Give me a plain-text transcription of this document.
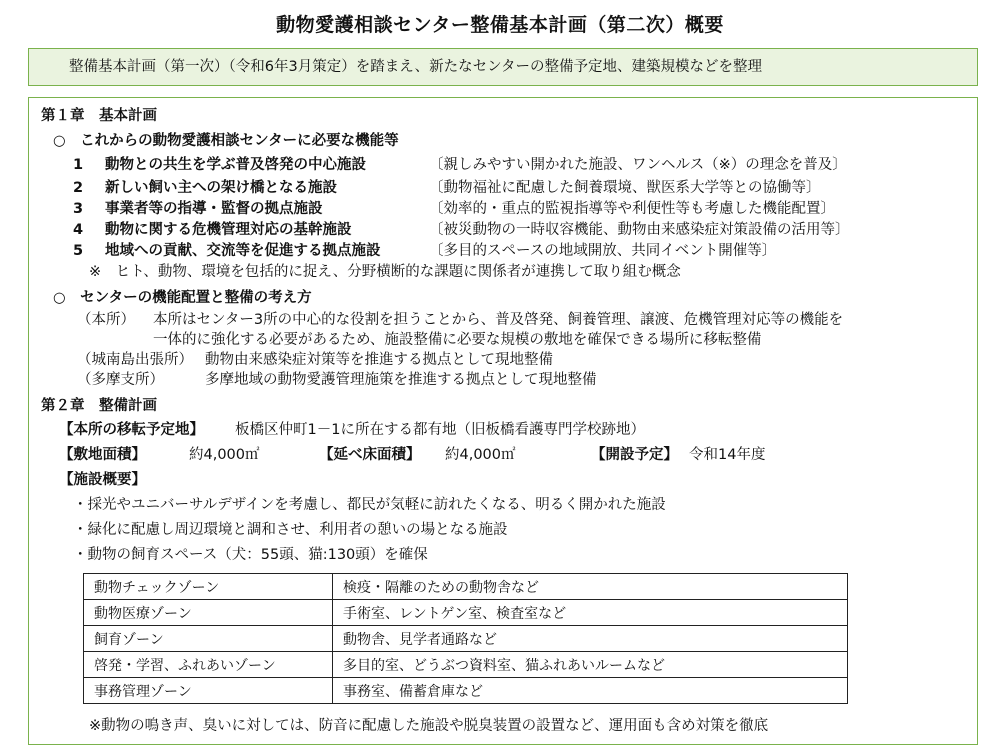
動物愛護相談センター整備基本計画（第二次）概要
整備基本計画（第一次）（令和6年3月策定）を踏まえ、新たなセンターの整備予定地、建築規模などを整理
第１章　基本計画
○　これからの動物愛護相談センターに必要な機能等
1 動物との共生を学ぶ普及啓発の中心施設	〔親しみやすい開かれた施設、ワンヘルス（※）の理念を普及〕
2 新しい飼い主への架け橋となる施設	〔動物福祉に配慮した飼養環境、獣医系大学等との協働等〕
3 事業者等の指導・監督の拠点施設	〔効率的・重点的監視指導等や利便性等も考慮した機能配置〕
4 動物に関する危機管理対応の基幹施設	〔被災動物の一時収容機能、動物由来感染症対策設備の活用等〕
5 地域への貢献、交流等を促進する拠点施設	〔多目的スペースの地域開放、共同イベント開催等〕
※　ヒト、動物、環境を包括的に捉え、分野横断的な課題に関係者が連携して取り組む概念
○　センターの機能配置と整備の考え方
（本所） 本所はセンター3所の中心的な役割を担うことから、普及啓発、飼養管理、譲渡、危機管理対応等の機能を
一体的に強化する必要があるため、施設整備に必要な規模の敷地を確保できる場所に移転整備
（城南島出張所） 動物由来感染症対策等を推進する拠点として現地整備
（多摩支所）	多摩地域の動物愛護管理施策を推進する拠点として現地整備
第２章　整備計画
【本所の移転予定地】 板橋区仲町1－1に所在する都有地（旧板橋看護専門学校跡地）
【敷地面積】	約4,000㎡	【延べ床面積】 約4,000㎡	【開設予定】 令和14年度
【施設概要】
・採光やユニバーサルデザインを考慮し、都民が気軽に訪れたくなる、明るく開かれた施設
・緑化に配慮し周辺環境と調和させ、利用者の憩いの場となる施設
・動物の飼育スペース（犬：55頭、猫:130頭）を確保
動物チェックゾーン	検疫・隔離のための動物舎など
動物医療ゾーン	手術室、レントゲン室、検査室など
飼育ゾーン	動物舎、見学者通路など
啓発・学習、ふれあいゾーン	多目的室、どうぶつ資料室、猫ふれあいルームなど
事務管理ゾーン	事務室、備蓄倉庫など
※動物の鳴き声、臭いに対しては、防音に配慮した施設や脱臭装置の設置など、運用面も含め対策を徹底
